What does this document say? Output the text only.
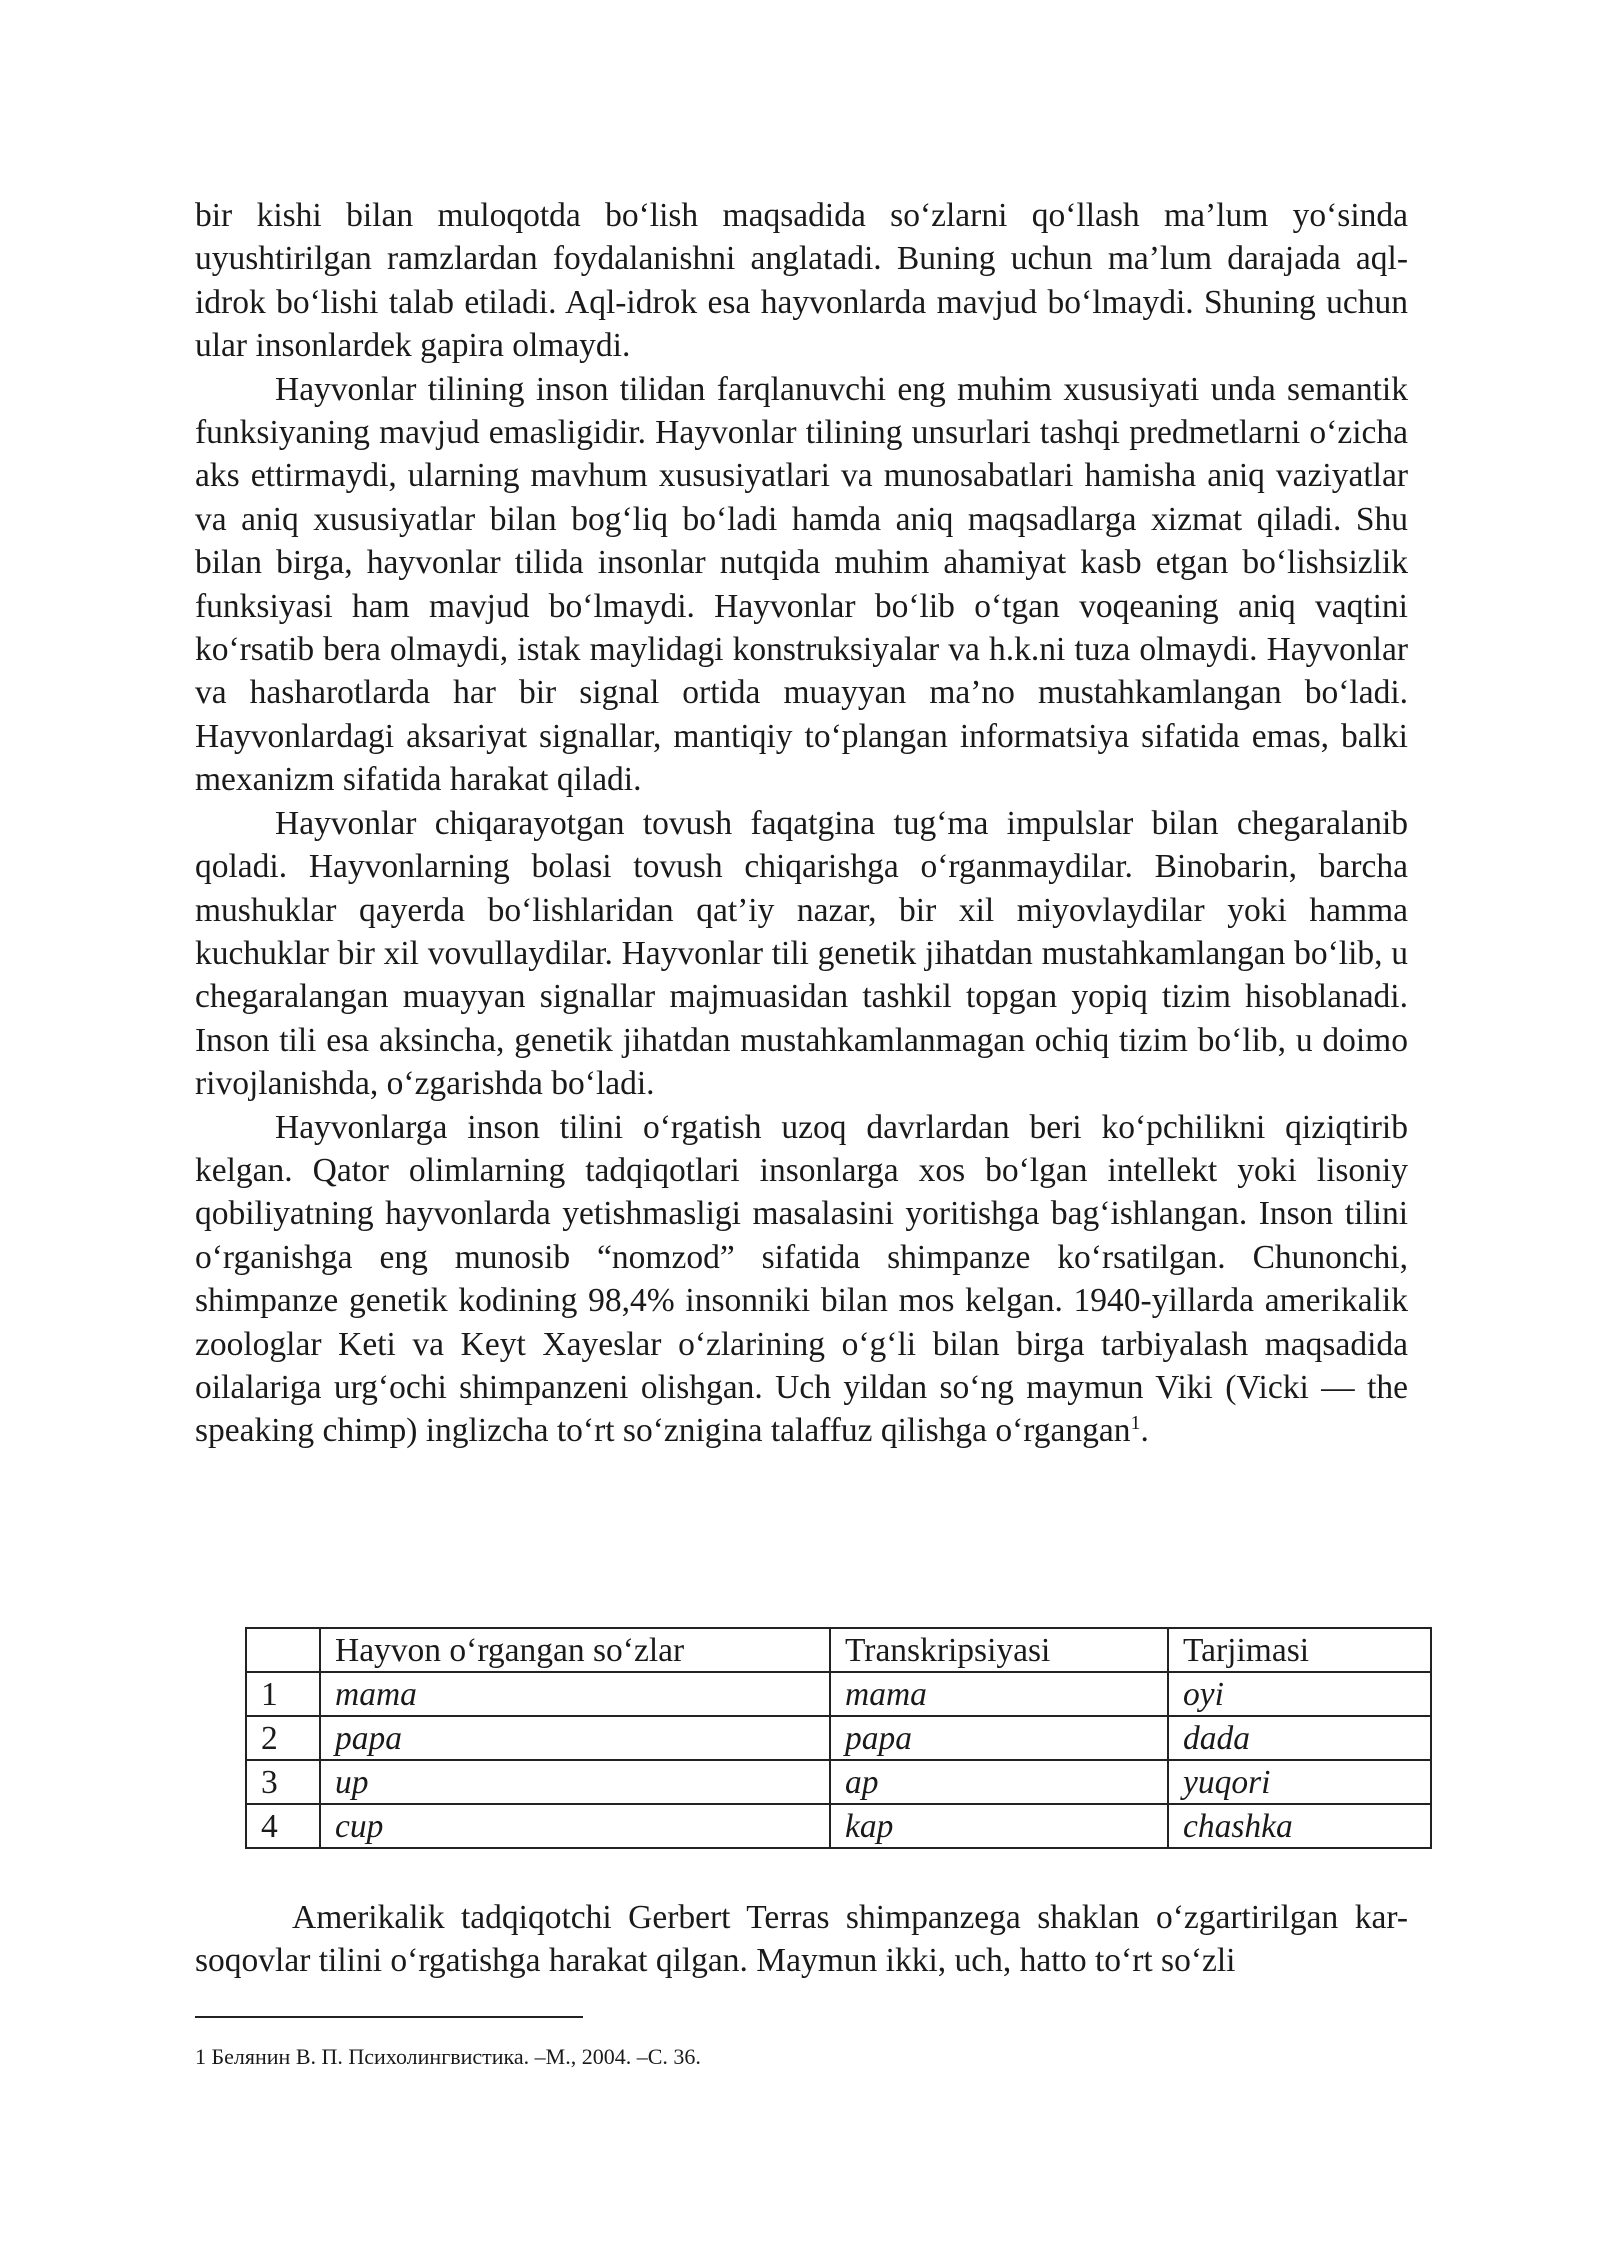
bir kishi bilan muloqotda bo‘lish maqsadida so‘zlarni qo‘llash ma’lum yo‘sinda uyushtirilgan ramzlardan foydalanishni anglatadi. Buning uchun ma’lum darajada aql-idrok bo‘lishi talab etiladi. Aql-idrok esa hayvonlarda mavjud bo‘lmaydi. Shuning uchun ular insonlardek gapira olmaydi.

Hayvonlar tilining inson tilidan farqlanuvchi eng muhim xususiyati unda semantik funksiyaning mavjud emasligidir. Hayvonlar tilining unsurlari tashqi predmetlarni o‘zicha aks ettirmaydi, ularning mavhum xususiyatlari va munosabatlari hamisha aniq vaziyatlar va aniq xususiyatlar bilan bog‘liq bo‘ladi hamda aniq maqsadlarga xizmat qiladi. Shu bilan birga, hayvonlar tilida insonlar nutqida muhim ahamiyat kasb etgan bo‘lishsizlik funksiyasi ham mavjud bo‘lmaydi. Hayvonlar bo‘lib o‘tgan voqeaning aniq vaqtini ko‘rsatib bera olmaydi, istak maylidagi konstruksiyalar va h.k.ni tuza olmaydi. Hayvonlar va hasharotlarda har bir signal ortida muayyan ma’no mustahkamlangan bo‘ladi. Hayvonlardagi aksariyat signallar, mantiqiy to‘plangan informatsiya sifatida emas, balki mexanizm sifatida harakat qiladi.

Hayvonlar chiqarayotgan tovush faqatgina tug‘ma impulslar bilan chegaralanib qoladi. Hayvonlarning bolasi tovush chiqarishga o‘rganmaydilar. Binobarin, barcha mushuklar qayerda bo‘lishlaridan qat’iy nazar, bir xil miyovlaydilar yoki hamma kuchuklar bir xil vovullaydilar. Hayvonlar tili genetik jihatdan mustahkamlangan bo‘lib, u chegaralangan muayyan signallar majmuasidan tashkil topgan yopiq tizim hisoblanadi. Inson tili esa aksincha, genetik jihatdan mustahkamlanmagan ochiq tizim bo‘lib, u doimo rivojlanishda, o‘zgarishda bo‘ladi.

Hayvonlarga inson tilini o‘rgatish uzoq davrlardan beri ko‘pchilikni qiziqtirib kelgan. Qator olimlarning tadqiqotlari insonlarga xos bo‘lgan intellekt yoki lisoniy qobiliyatning hayvonlarda yetishmasligi masalasini yoritishga bag‘ishlangan. Inson tilini o‘rganishga eng munosib “nomzod” sifatida shimpanze ko‘rsatilgan. Chunonchi, shimpanze genetik kodining 98,4% insonniki bilan mos kelgan. 1940-yillarda amerikalik zoologlar Keti va Keyt Xayeslar o‘zlarining o‘g‘li bilan birga tarbiyalash maqsadida oilalariga urg‘ochi shimpanzeni olishgan. Uch yildan so‘ng maymun Viki (Vicki — the speaking chimp) inglizcha to‘rt so‘znigina talaffuz qilishga o‘rgangan$^1$.

	Hayvon o‘rgangan so‘zlar	Transkripsiyasi	Tarjimasi
1	mama	mama	oyi
2	papa	papa	dada
3	up	ap	yuqori
4	cup	kap	chashka

Amerikalik tadqiqotchi Gerbert Terras shimpanzega shaklan o‘zgartirilgan kar-soqovlar tilini o‘rgatishga harakat qilgan. Maymun ikki, uch, hatto to‘rt so‘zli

1 Белянин В. П. Психолингвистика. –М., 2004. –С. 36.
